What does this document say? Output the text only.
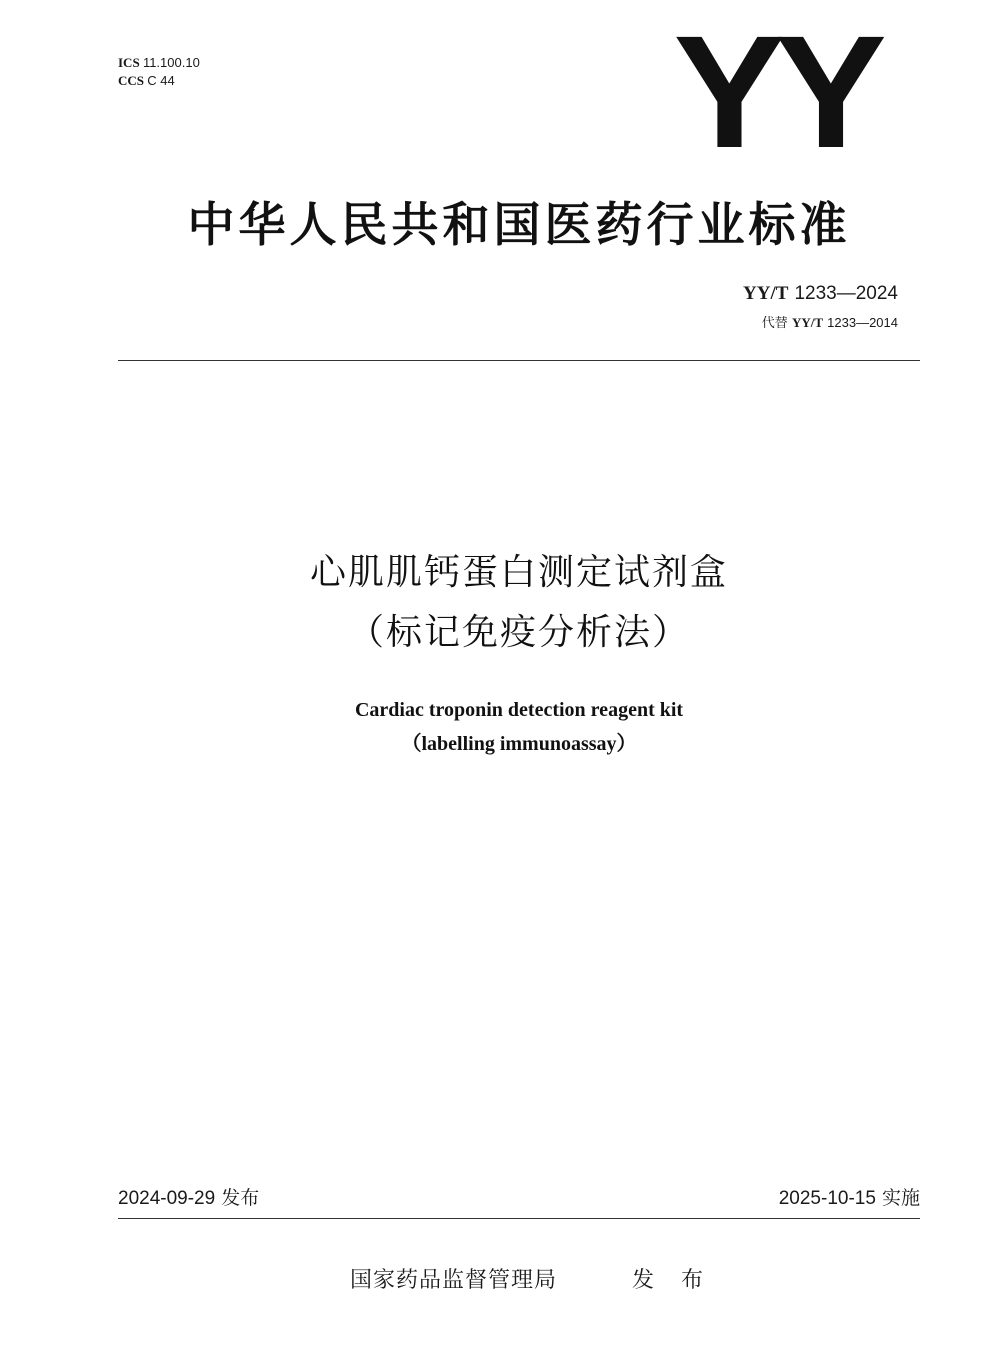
ICS 11.100.10
CCS C 44	YY
中华人民共和国医药行业标准
YY/T 1233—2024
代替 YY/T 1233—2014
心肌肌钙蛋白测定试剂盒
（标记免疫分析法）
Cardiac troponin detection reagent kit
（labelling immunoassay）
2024-09-29 发布	2025-10-15 实施
国家药品监督管理局	发 布
